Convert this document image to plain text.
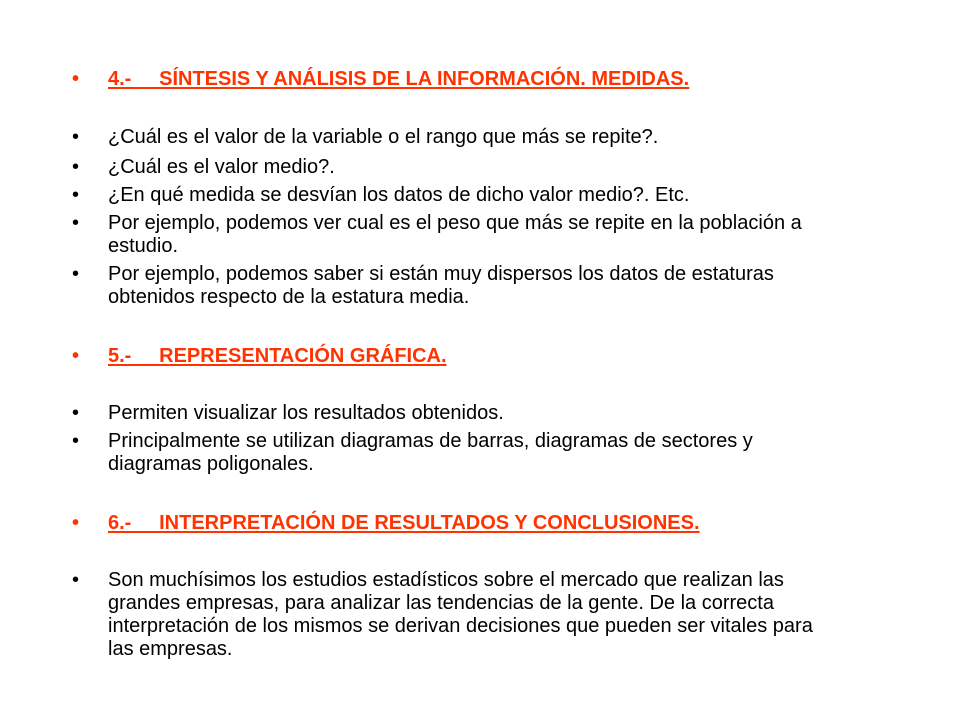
•	4.-     SÍNTESIS Y ANÁLISIS DE LA INFORMACIÓN. MEDIDAS.
•	¿Cuál es el valor de la variable o el rango que más se repite?.
•	¿Cuál es el valor medio?.
•	¿En qué medida se desvían los datos de dicho valor medio?. Etc.
•	Por ejemplo, podemos ver cual es el peso que más se repite en la población a estudio.
•	Por ejemplo, podemos saber si están muy dispersos los datos de estaturas obtenidos respecto de la estatura media.
•	5.-     REPRESENTACIÓN GRÁFICA.
•	Permiten visualizar los resultados obtenidos.
•	Principalmente se utilizan diagramas de barras, diagramas de sectores y diagramas poligonales.
•	6.-     INTERPRETACIÓN DE RESULTADOS Y CONCLUSIONES.
•	Son muchísimos los estudios estadísticos sobre el mercado que realizan las grandes empresas, para analizar las tendencias de la gente. De la correcta interpretación de los mismos se derivan decisiones que pueden ser vitales para las empresas.
